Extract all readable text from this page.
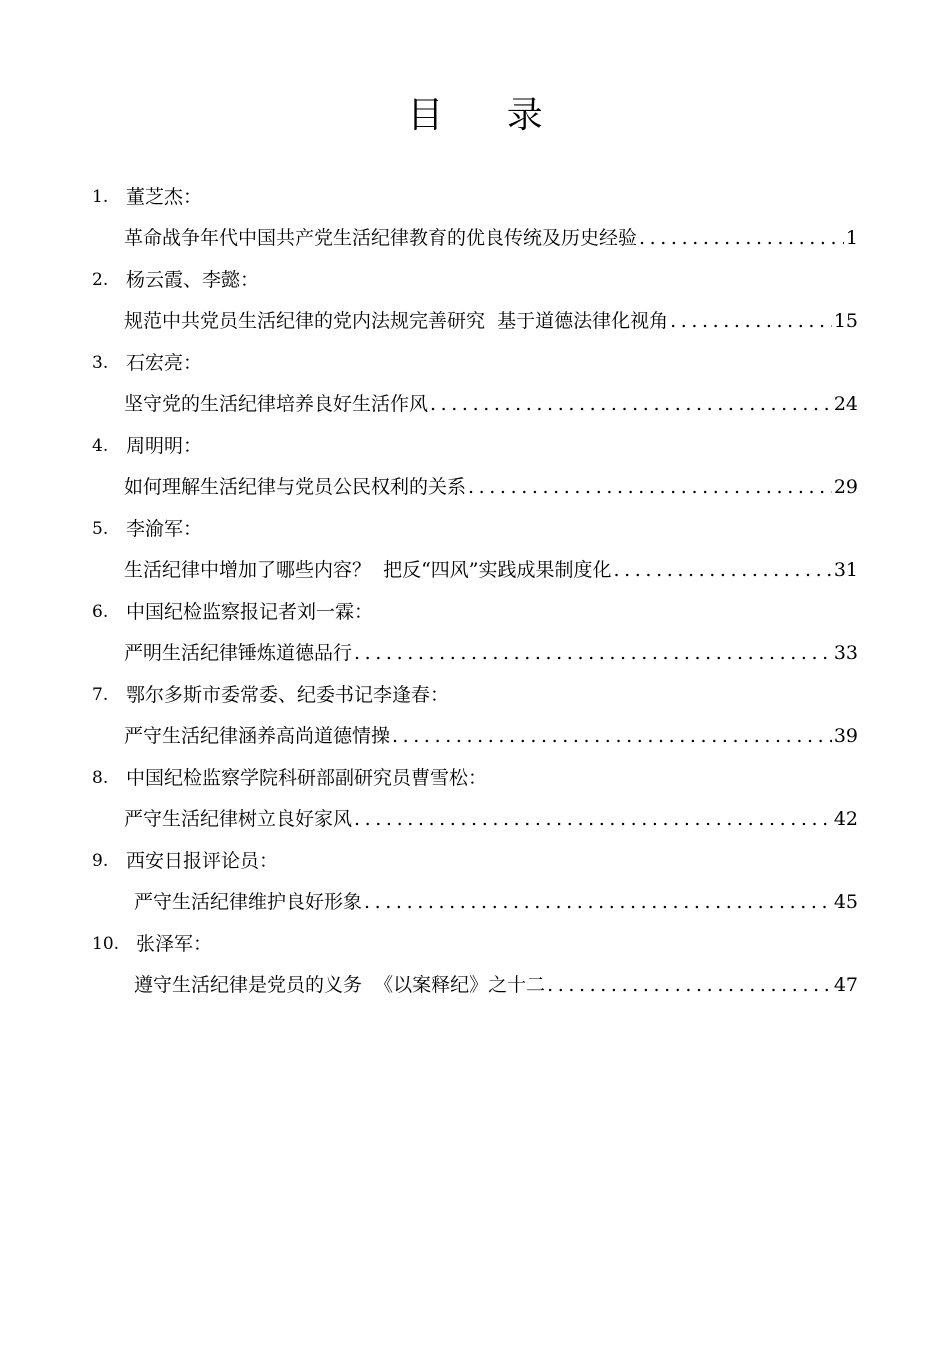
目 录
1. 董芝杰：
革命战争年代中国共产党生活纪律教育的优良传统及历史经验 .....	1
2. 杨云霞、李懿：
规范中共党员生活纪律的党内法规完善研究  基于道德法律化视角 .....	15
3. 石宏亮：
坚守党的生活纪律培养良好生活作风 .....	24
4. 周明明：
如何理解生活纪律与党员公民权利的关系 .....	29
5. 李渝军：
生活纪律中增加了哪些内容？  把反“四风”实践成果制度化 .....	31
6. 中国纪检监察报记者刘一霖：
严明生活纪律锤炼道德品行 .....	33
7. 鄂尔多斯市委常委、纪委书记李逢春：
严守生活纪律涵养高尚道德情操 .....	39
8. 中国纪检监察学院科研部副研究员曹雪松：
严守生活纪律树立良好家风 .....	42
9. 西安日报评论员：
严守生活纪律维护良好形象 .....	45
10. 张泽军：
遵守生活纪律是党员的义务  《以案释纪》之十二 .....	47
